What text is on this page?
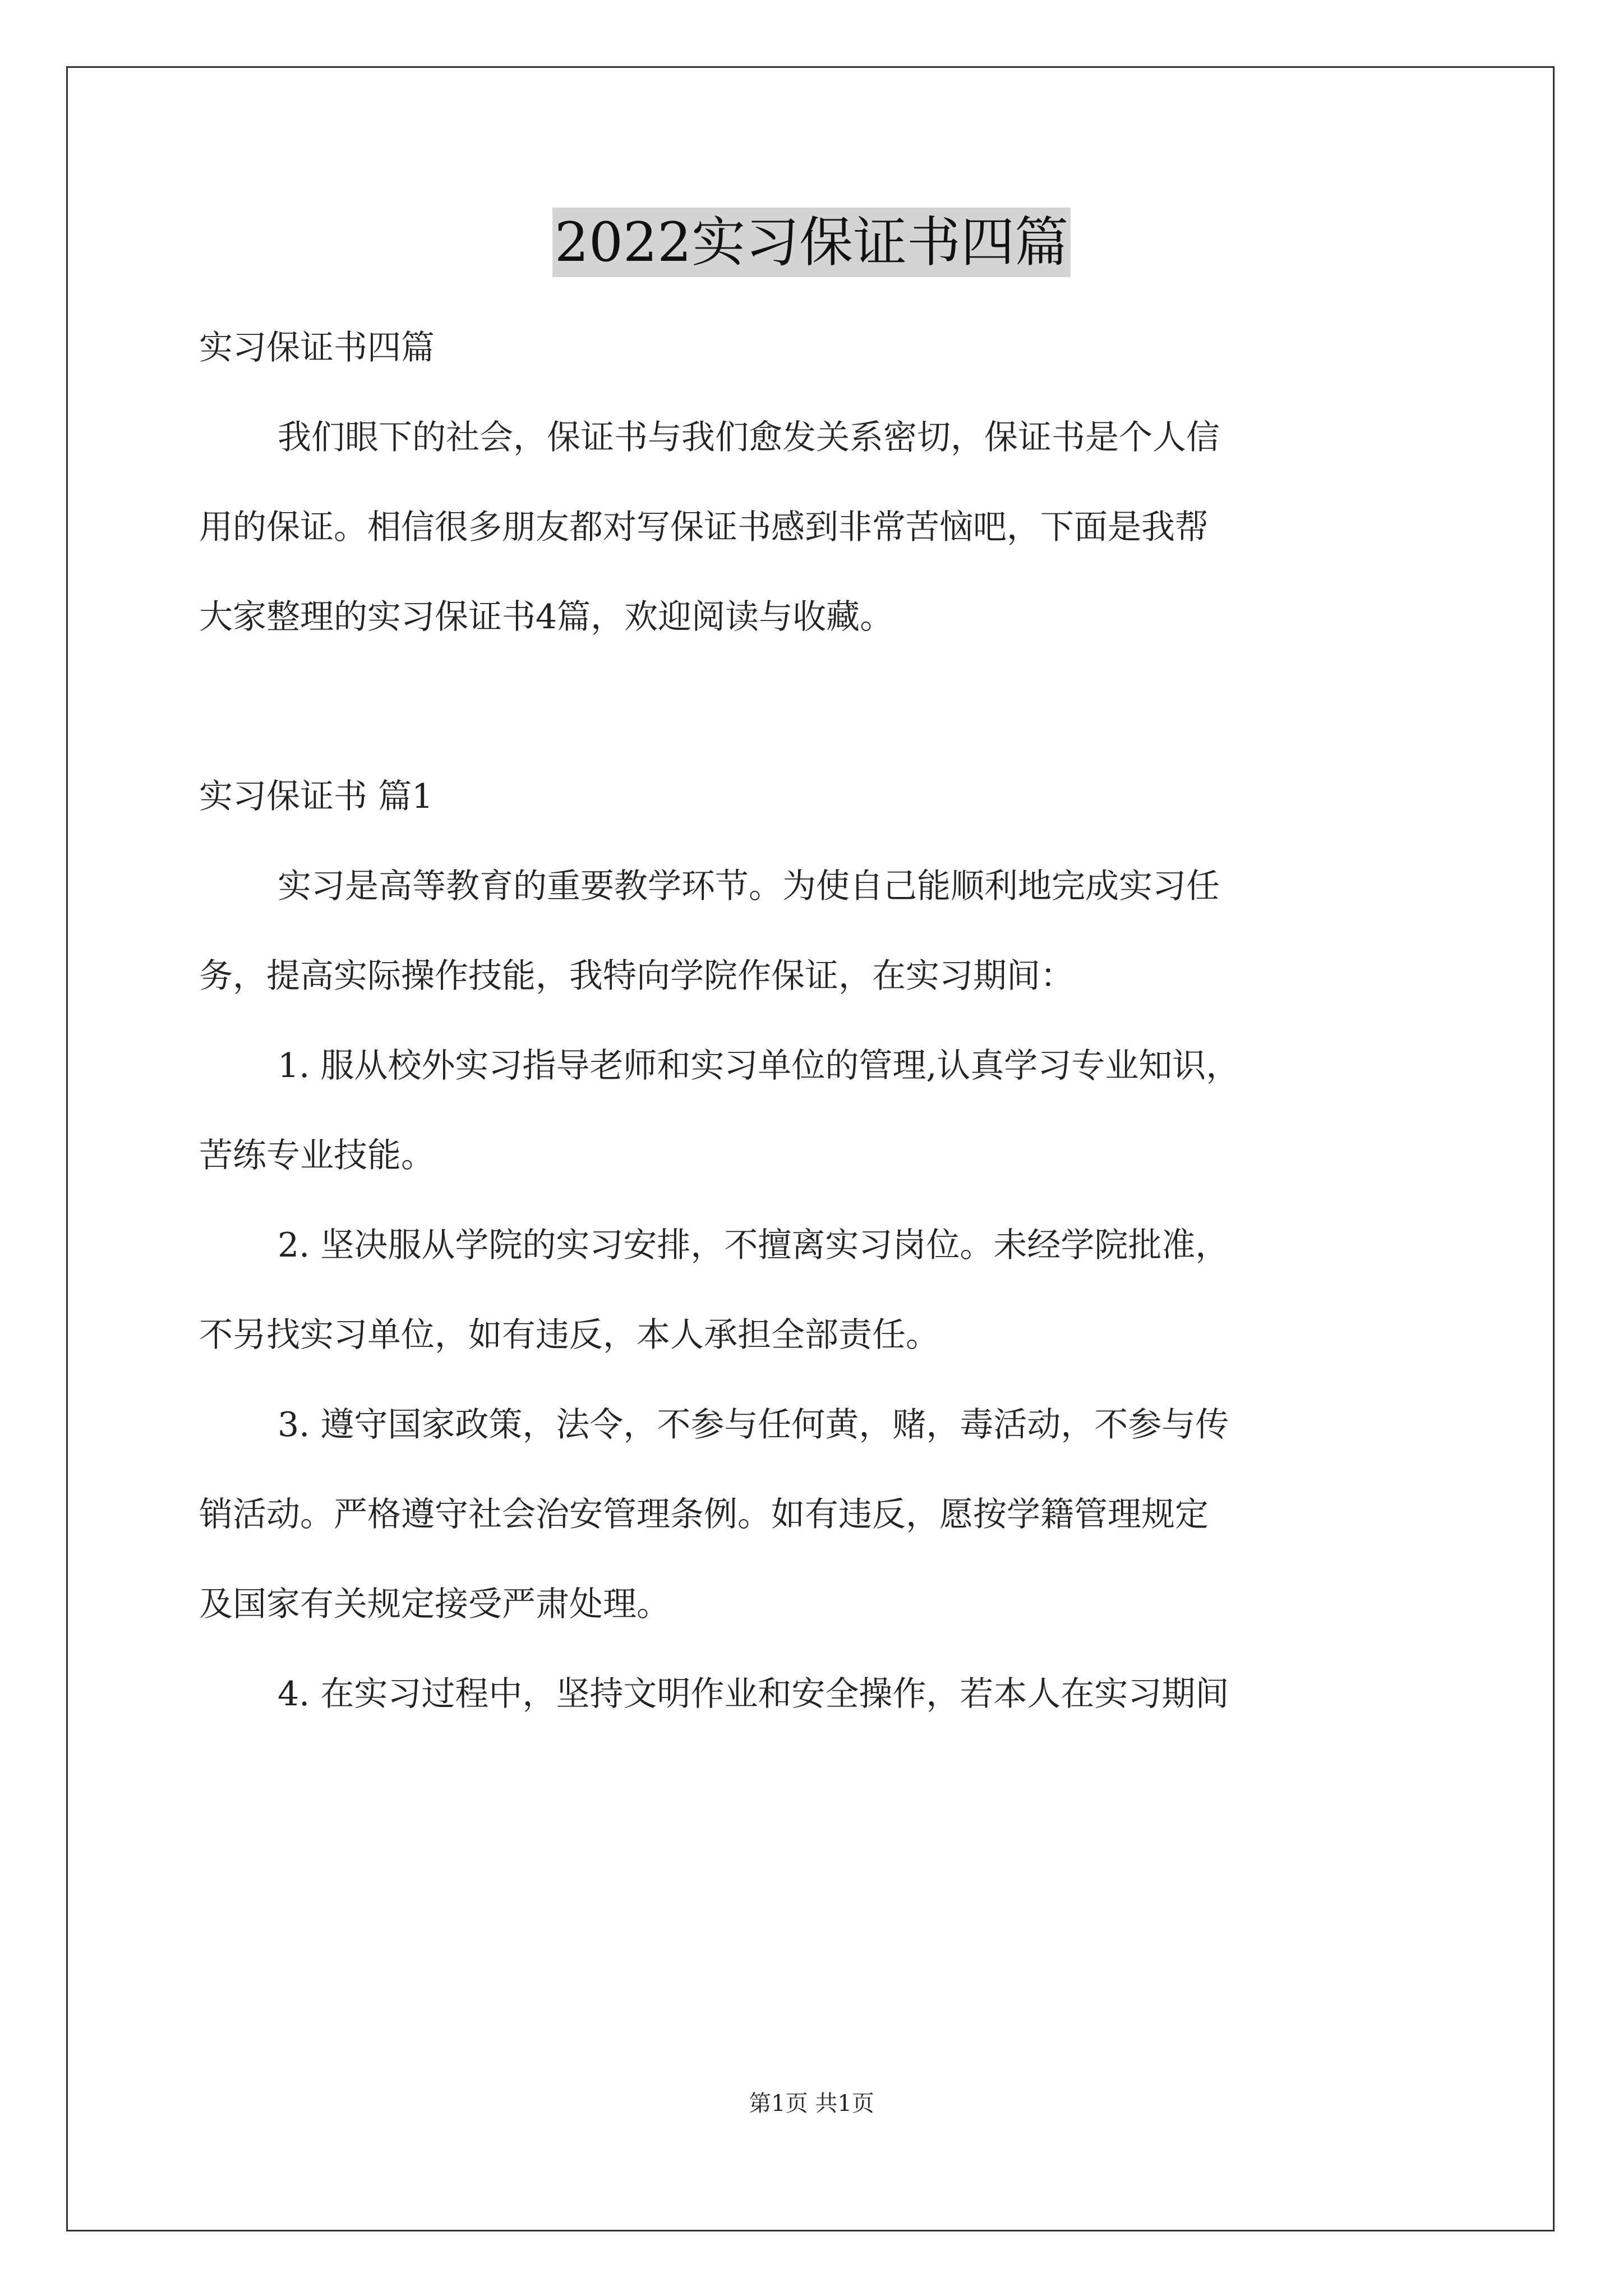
2022实习保证书四篇

实习保证书四篇

我们眼下的社会，保证书与我们愈发关系密切，保证书是个人信

用的保证。相信很多朋友都对写保证书感到非常苦恼吧，下面是我帮

大家整理的实习保证书4篇，欢迎阅读与收藏。

实习保证书 篇1

实习是高等教育的重要教学环节。为使自己能顺利地完成实习任

务，提高实际操作技能，我特向学院作保证，在实习期间：

1. 服从校外实习指导老师和实习单位的管理,认真学习专业知识，

苦练专业技能。

2. 坚决服从学院的实习安排，不擅离实习岗位。未经学院批准，

不另找实习单位，如有违反，本人承担全部责任。

3. 遵守国家政策，法令，不参与任何黄，赌，毒活动，不参与传

销活动。严格遵守社会治安管理条例。如有违反，愿按学籍管理规定

及国家有关规定接受严肃处理。

4. 在实习过程中，坚持文明作业和安全操作，若本人在实习期间

第1页 共1页
